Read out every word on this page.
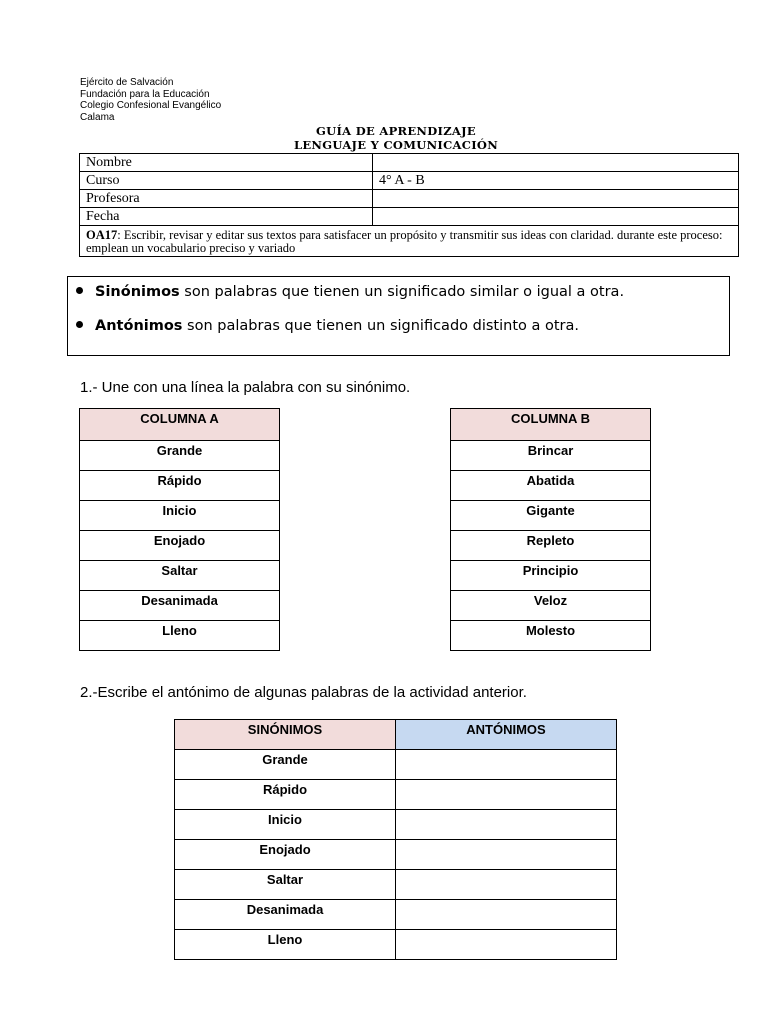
Ejército de Salvación
Fundación para la Educación
Colegio Confesional Evangélico
Calama
GUÍA DE APRENDIZAJE
LENGUAJE Y COMUNICACIÓN
Nombre	
Curso	4° A - B
Profesora	
Fecha	
OA17: Escribir, revisar y editar sus textos para satisfacer un propósito y transmitir sus ideas con claridad. durante este proceso: emplean un vocabulario preciso y variado	
Sinónimos son palabras que tienen un significado similar o igual a otra.
Antónimos son palabras que tienen un significado distinto a otra.
1.- Une con una línea la palabra con su sinónimo.
COLUMNA A
Grande
Rápido
Inicio
Enojado
Saltar
Desanimada
Lleno
COLUMNA B
Brincar
Abatida
Gigante
Repleto
Principio
Veloz
Molesto
2.-Escribe el antónimo de algunas palabras de la actividad anterior.
SINÓNIMOS	ANTÓNIMOS
Grande	
Rápido	
Inicio	
Enojado	
Saltar	
Desanimada	
Lleno	
